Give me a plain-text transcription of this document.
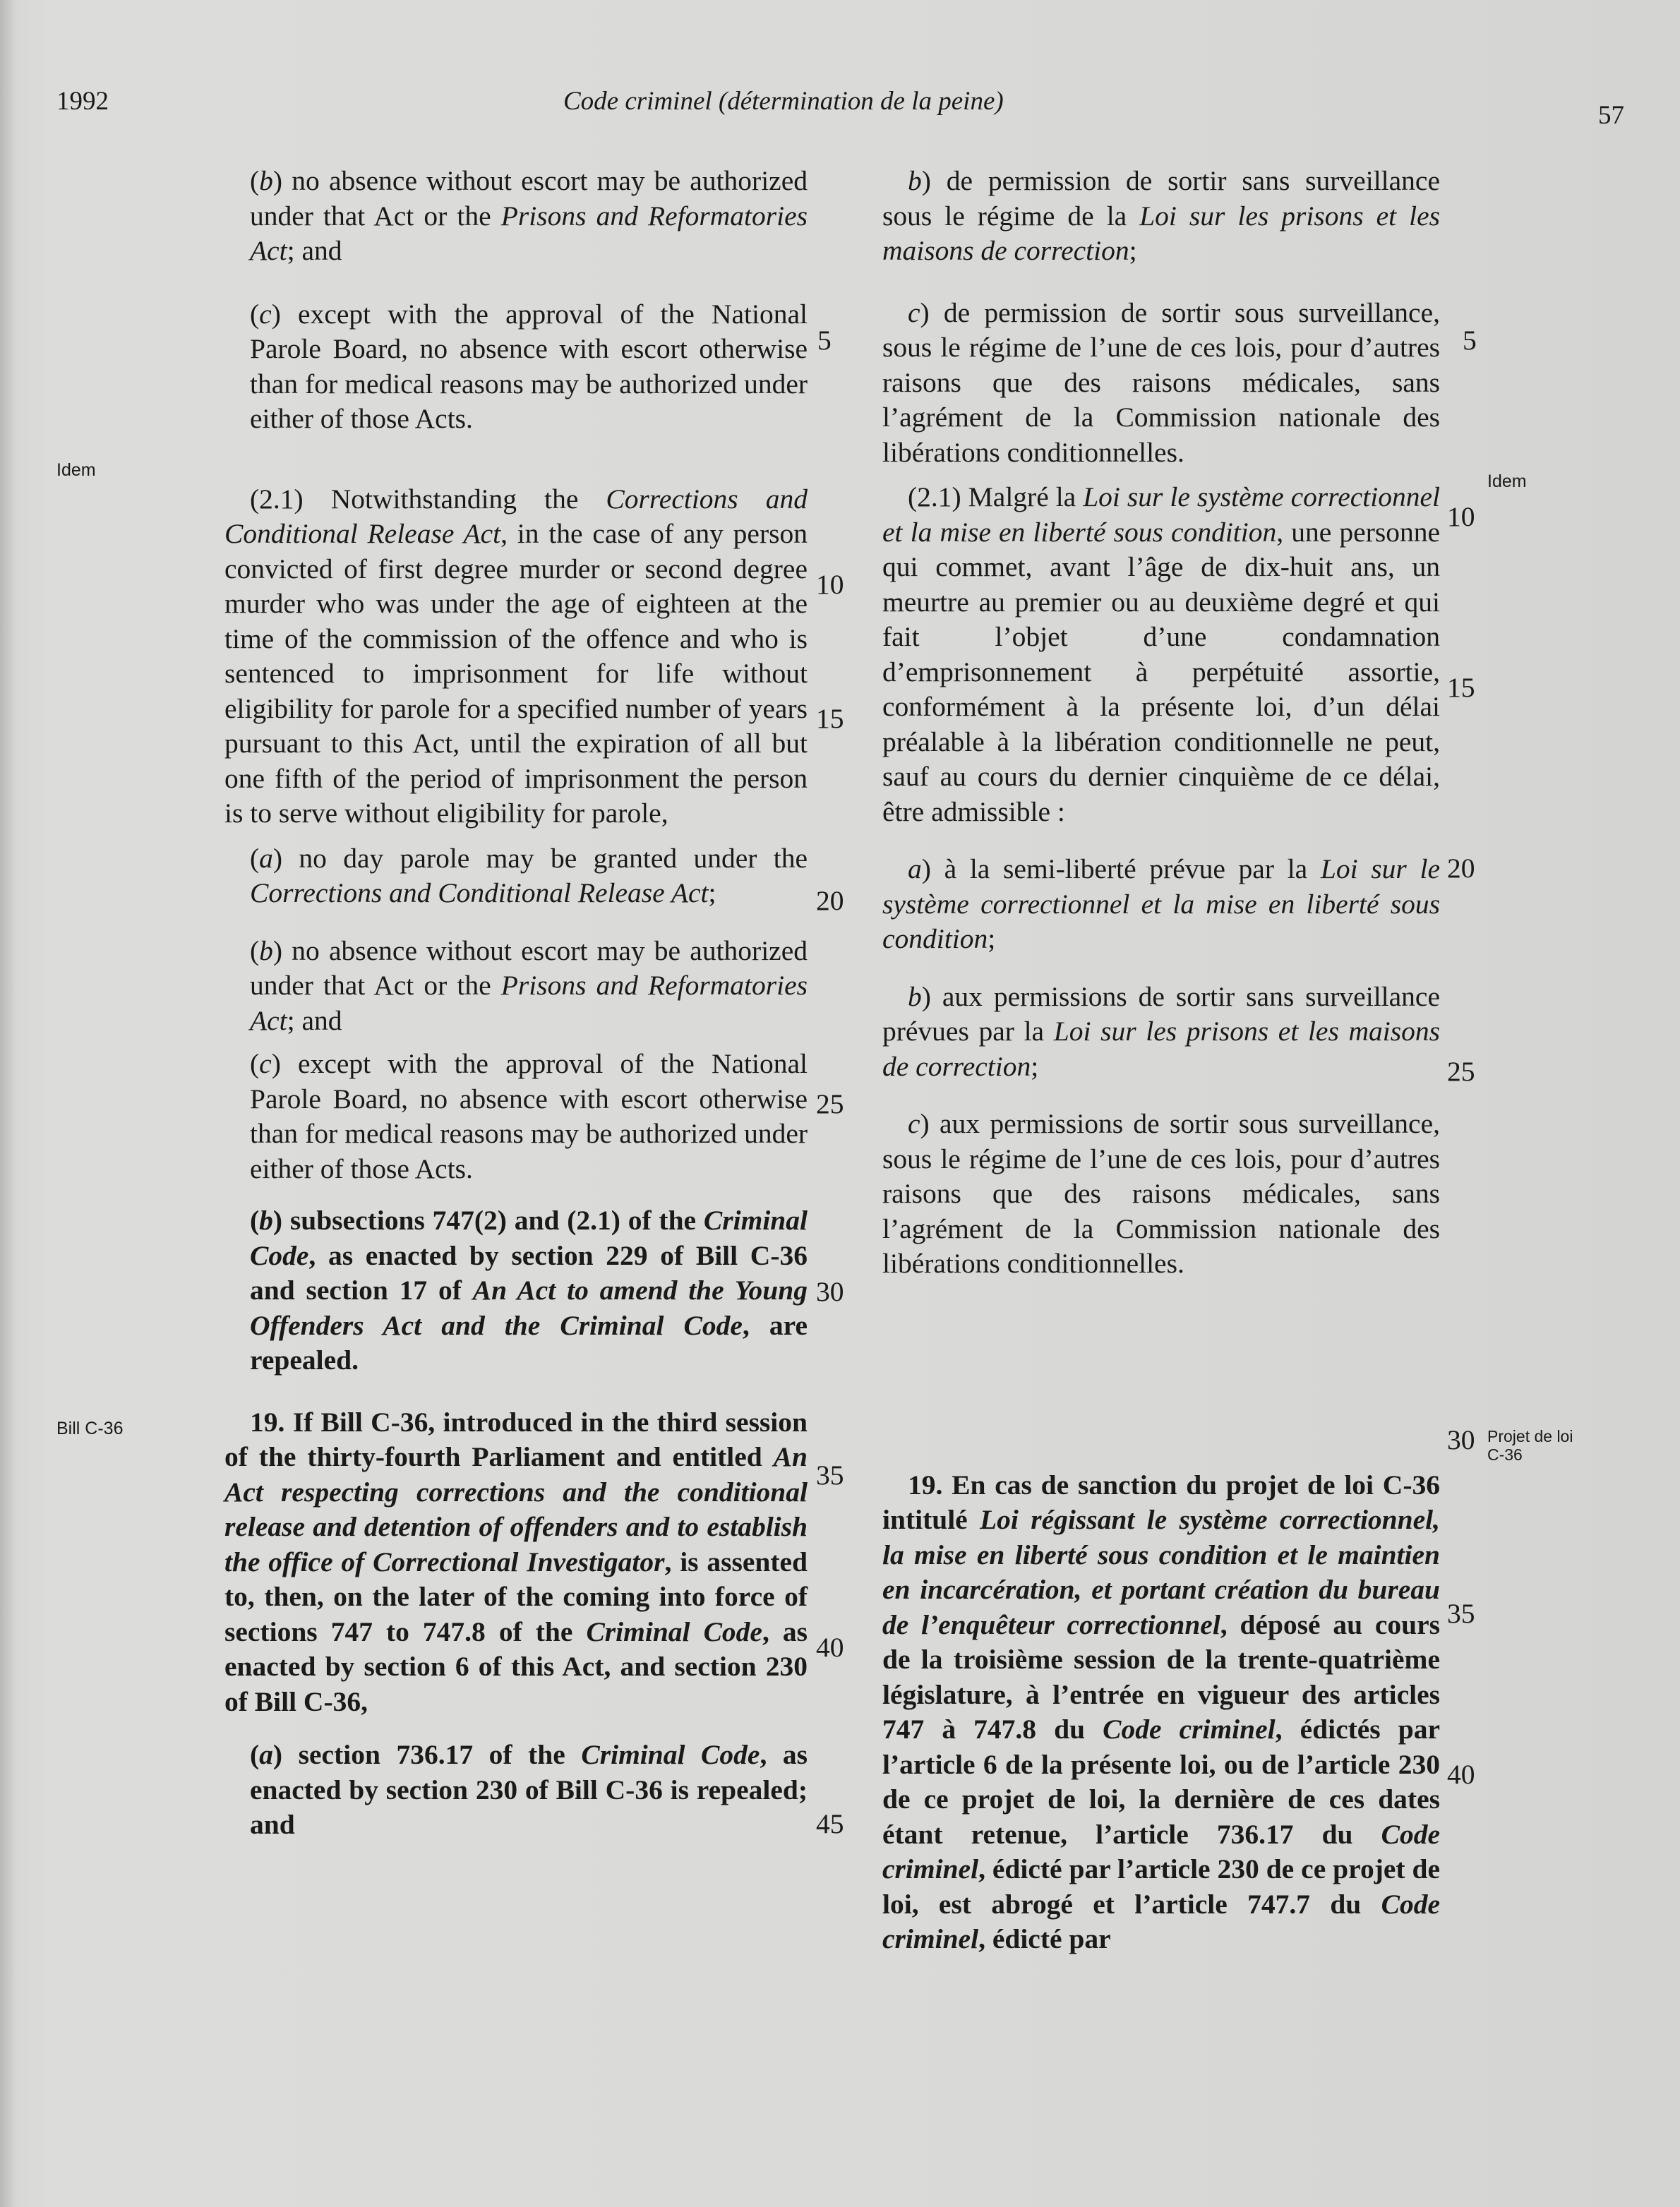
1992	Code criminel (détermination de la peine)	57
Idem
Bill C-36
Idem
Projet de loi
C-36

(b) no absence without escort may be authorized under that Act or the Prisons and Reformatories Act; and

(c) except with the approval of the National Parole Board, no absence with escort otherwise than for medical reasons may be authorized under either of those Acts.

(2.1) Notwithstanding the Corrections and Conditional Release Act, in the case of any person convicted of first degree murder or second degree murder who was under the age of eighteen at the time of the commission of the offence and who is sentenced to imprisonment for life without eligibility for parole for a specified number of years pursuant to this Act, until the expiration of all but one fifth of the period of imprisonment the person is to serve without eligibility for parole,

(a) no day parole may be granted under the Corrections and Conditional Release Act;

(b) no absence without escort may be authorized under that Act or the Prisons and Reformatories Act; and

(c) except with the approval of the National Parole Board, no absence with escort otherwise than for medical reasons may be authorized under either of those Acts.

(b) subsections 747(2) and (2.1) of the Criminal Code, as enacted by section 229 of Bill C-36 and section 17 of An Act to amend the Young Offenders Act and the Criminal Code, are repealed.

19. If Bill C-36, introduced in the third session of the thirty-fourth Parliament and entitled An Act respecting corrections and the conditional release and detention of offenders and to establish the office of Correctional Investigator, is assented to, then, on the later of the coming into force of sections 747 to 747.8 of the Criminal Code, as enacted by section 6 of this Act, and section 230 of Bill C-36,

(a) section 736.17 of the Criminal Code, as enacted by section 230 of Bill C-36 is repealed; and

5
10
15
20
25
30
35
40
45

b) de permission de sortir sans surveillance sous le régime de la Loi sur les prisons et les maisons de correction;

c) de permission de sortir sous surveillance, sous le régime de l’une de ces lois, pour d’autres raisons que des raisons médicales, sans l’agrément de la Commission nationale des libérations conditionnelles.

(2.1) Malgré la Loi sur le système correctionnel et la mise en liberté sous condition, une personne qui commet, avant l’âge de dix-huit ans, un meurtre au premier ou au deuxième degré et qui fait l’objet d’une condamnation d’emprisonnement à perpétuité assortie, conformément à la présente loi, d’un délai préalable à la libération conditionnelle ne peut, sauf au cours du dernier cinquième de ce délai, être admissible :

a) à la semi-liberté prévue par la Loi sur le système correctionnel et la mise en liberté sous condition;

b) aux permissions de sortir sans surveillance prévues par la Loi sur les prisons et les maisons de correction;

c) aux permissions de sortir sous surveillance, sous le régime de l’une de ces lois, pour d’autres raisons que des raisons médicales, sans l’agrément de la Commission nationale des libérations conditionnelles.

19. En cas de sanction du projet de loi C-36 intitulé Loi régissant le système correctionnel, la mise en liberté sous condition et le maintien en incarcération, et portant création du bureau de l’enquêteur correctionnel, déposé au cours de la troisième session de la trente-quatrième législature, à l’entrée en vigueur des articles 747 à 747.8 du Code criminel, édictés par l’article 6 de la présente loi, ou de l’article 230 de ce projet de loi, la dernière de ces dates étant retenue, l’article 736.17 du Code criminel, édicté par l’article 230 de ce projet de loi, est abrogé et l’article 747.7 du Code criminel, édicté par

5
10
15
20
25
30
35
40
